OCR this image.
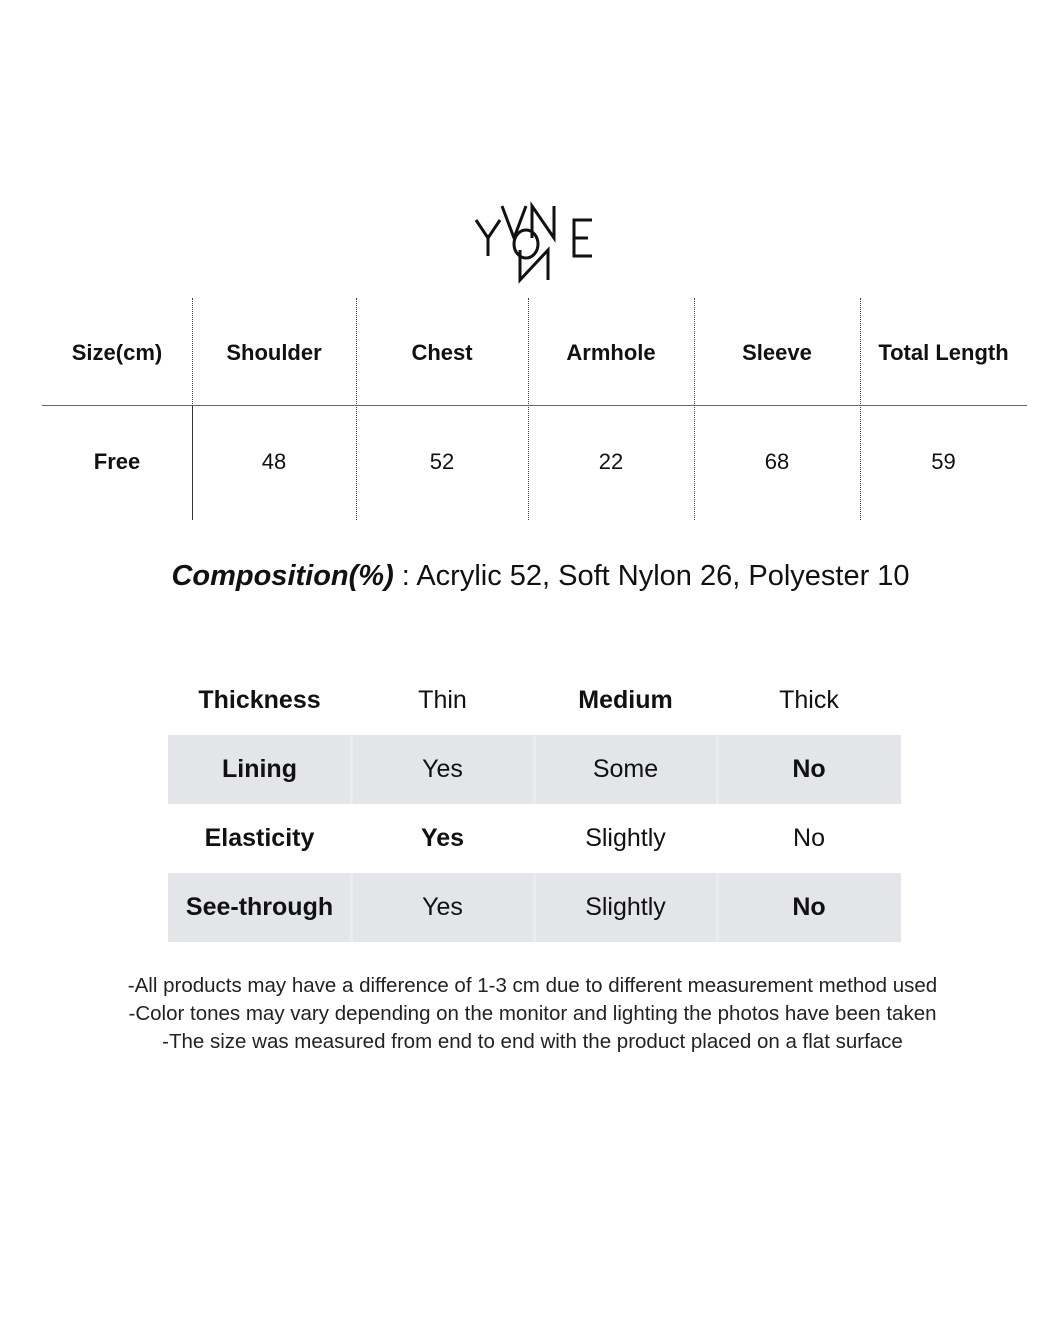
Size(cm)	Shoulder	Chest	Armhole	Sleeve	Total Length
Free	48	52	22	68	59
Composition(%) : Acrylic 52, Soft Nylon 26, Polyester 10
Thickness	Thin	Medium	Thick
Lining	Yes	Some	No
Elasticity	Yes	Slightly	No
See-through	Yes	Slightly	No
-All products may have a difference of 1-3 cm due to different measurement method used
-Color tones may vary depending on the monitor and lighting the photos have been taken
-The size was measured from end to end with the product placed on a flat surface
